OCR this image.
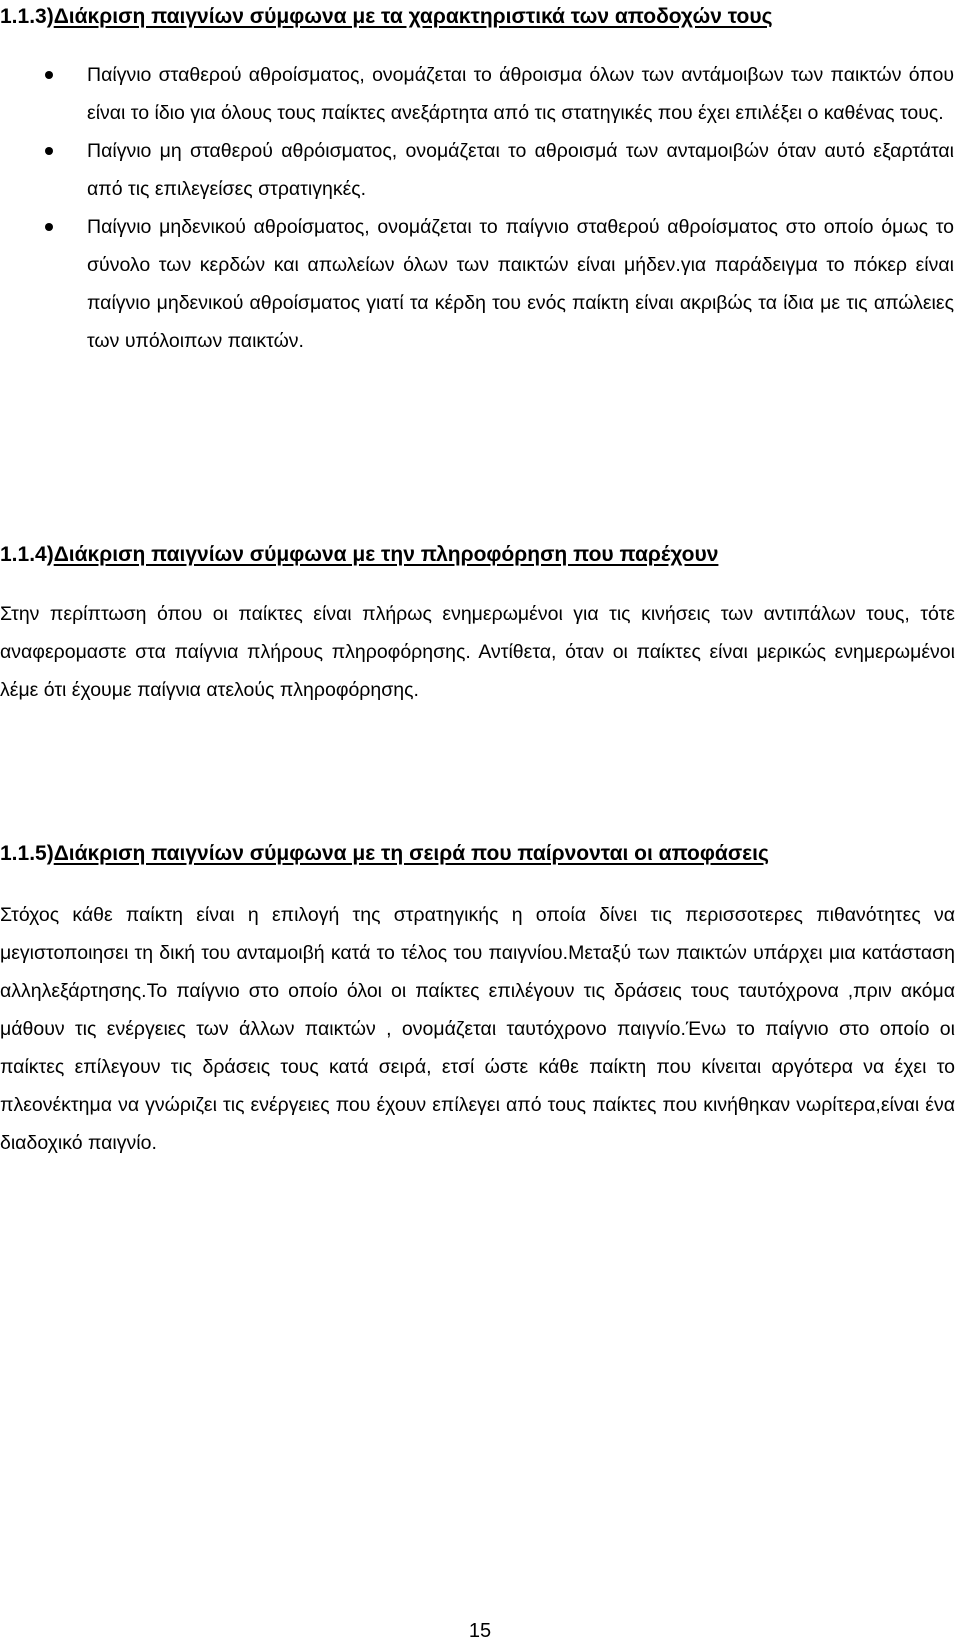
1.1.3)Διάκριση παιγνίων σύμφωνα με τα χαρακτηριστικά των αποδοχών τους

Παίγνιο σταθερού αθροίσματος, ονομάζεται το άθροισμα όλων των αντάμοιβων των παικτών όπου είναι το ίδιο για όλους τους παίκτες ανεξάρτητα από τις στατηγικές που έχει επιλέξει ο καθένας τους.

Παίγνιο μη σταθερού αθρόισματος, ονομάζεται το αθροισμά των ανταμοιβών όταν αυτό εξαρτάται από τις επιλεγείσες στρατιγηκές.

Παίγνιο μηδενικού αθροίσματος, ονομάζεται το παίγνιο σταθερού αθροίσματος στο οποίο όμως το σύνολο των κερδών και απωλείων όλων των παικτών είναι μήδεν.για παράδειγμα το πόκερ είναι παίγνιο μηδενικού αθροίσματος γιατί τα κέρδη του ενός παίκτη είναι ακριβώς τα ίδια με τις απώλειες των υπόλοιπων παικτών.

1.1.4)Διάκριση παιγνίων σύμφωνα με την πληροφόρηση που παρέχουν

Στην περίπτωση όπου οι παίκτες είναι πλήρως ενημερωμένοι για τις κινήσεις των αντιπάλων τους, τότε αναφερομαστε στα παίγνια πλήρους πληροφόρησης. Αντίθετα, όταν οι παίκτες είναι μερικώς ενημερωμένοι λέμε ότι έχουμε παίγνια ατελούς πληροφόρησης.

1.1.5)Διάκριση παιγνίων σύμφωνα με τη σειρά που παίρνονται οι αποφάσεις

Στόχος κάθε παίκτη είναι η επιλογή της στρατηγικής η οποία δίνει τις περισσοτερες πιθανότητες να μεγιστοποιησει τη δική του ανταμοιβή κατά το τέλος του παιγνίου.Μεταξύ των παικτών υπάρχει μια κατάσταση αλληλεξάρτησης.Το παίγνιο στο οποίο όλοι οι παίκτες επιλέγουν τις δράσεις τους ταυτόχρονα ,πριν ακόμα μάθουν τις ενέργειες των άλλων παικτών , ονομάζεται ταυτόχρονο παιγνίο.Ένω το παίγνιο στο οποίο οι παίκτες επίλεγουν τις δράσεις τους κατά σειρά, ετσί ώστε κάθε παίκτη που κίνειται αργότερα να έχει το πλεονέκτημα να γνώριζει τις ενέργειες που έχουν επίλεγει από τους παίκτες που κινήθηκαν νωρίτερα,είναι ένα διαδοχικό παιγνίο.

15
